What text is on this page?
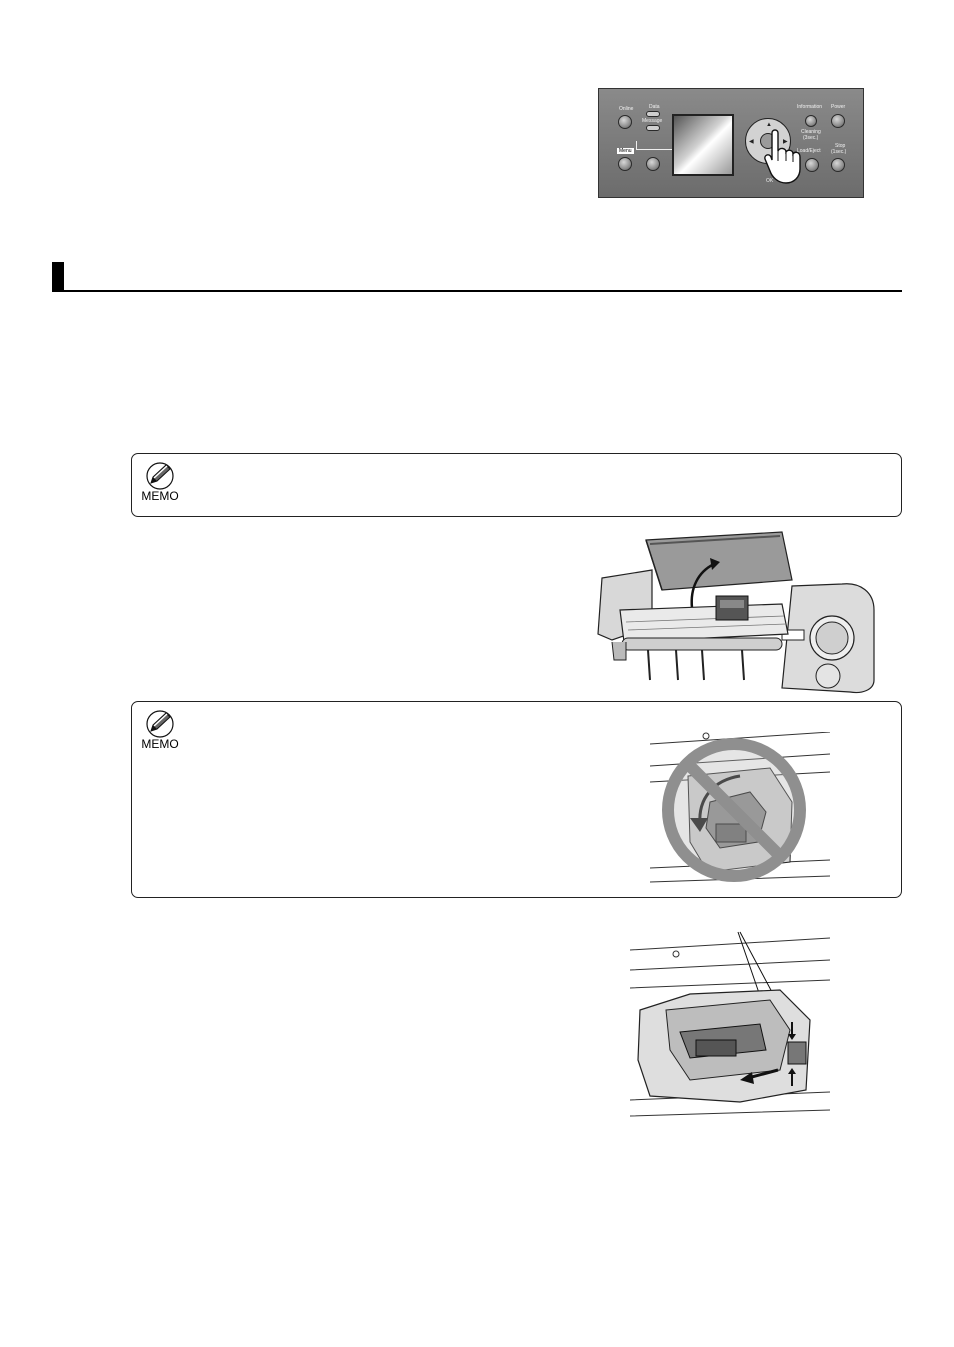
Online	Data
Message
Menu
▲
◀	▶
OK
Information Power
Cleaning
(3sec.)
Load/Eject
Stop
(1sec.)
MEMO
MEMO
